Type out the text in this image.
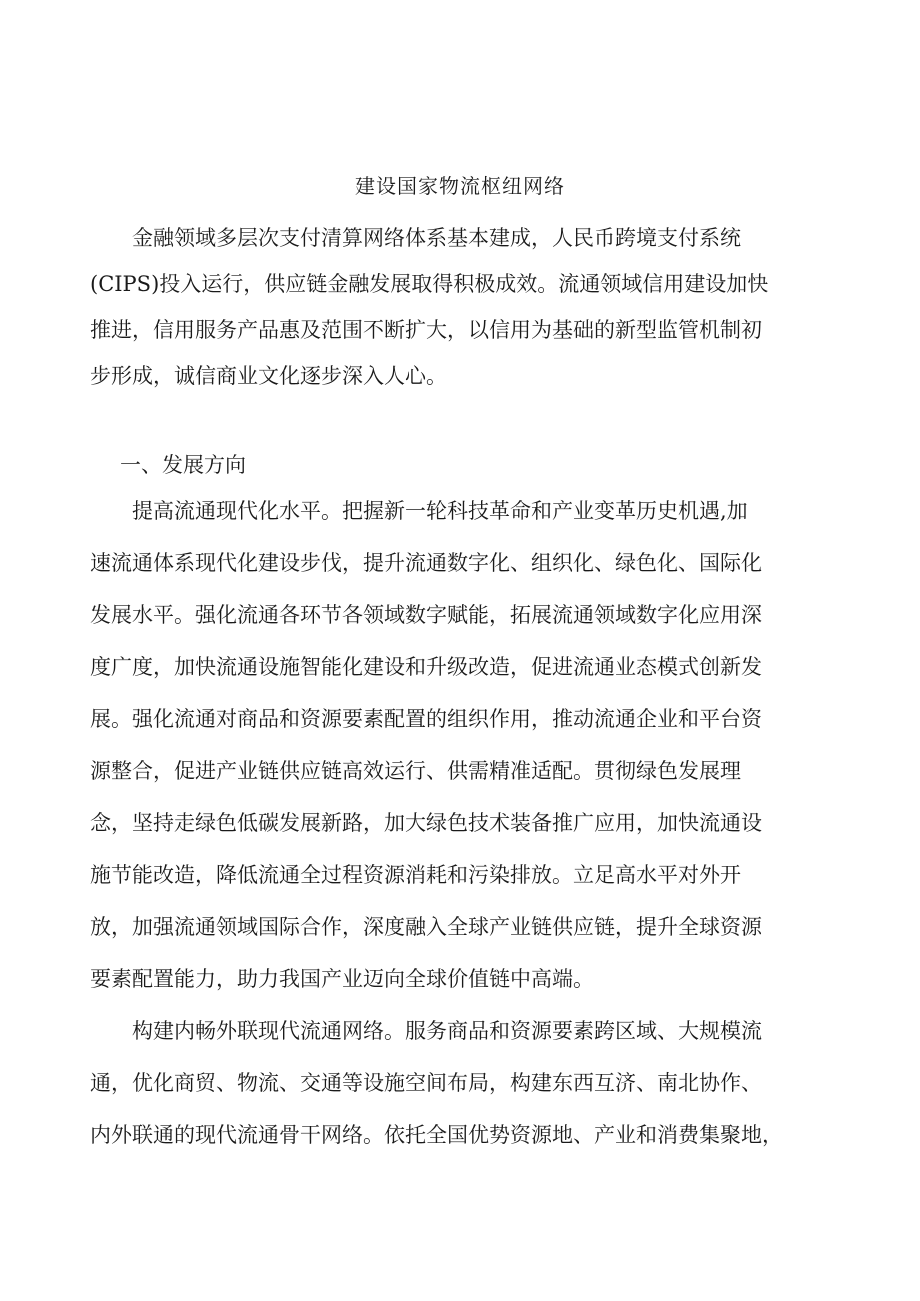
建设国家物流枢纽网络
　　金融领域多层次支付清算网络体系基本建成，人民币跨境支付系统
(CIPS)投入运行，供应链金融发展取得积极成效。流通领域信用建设加快
推进，信用服务产品惠及范围不断扩大，以信用为基础的新型监管机制初
步形成，诚信商业文化逐步深入人心。
一、发展方向
　　提高流通现代化水平。把握新一轮科技革命和产业变革历史机遇,加
速流通体系现代化建设步伐，提升流通数字化、组织化、绿色化、国际化
发展水平。强化流通各环节各领域数字赋能，拓展流通领域数字化应用深
度广度，加快流通设施智能化建设和升级改造，促进流通业态模式创新发
展。强化流通对商品和资源要素配置的组织作用，推动流通企业和平台资
源整合，促进产业链供应链高效运行、供需精准适配。贯彻绿色发展理
念，坚持走绿色低碳发展新路，加大绿色技术装备推广应用，加快流通设
施节能改造，降低流通全过程资源消耗和污染排放。立足高水平对外开
放，加强流通领域国际合作，深度融入全球产业链供应链，提升全球资源
要素配置能力，助力我国产业迈向全球价值链中高端。
　　构建内畅外联现代流通网络。服务商品和资源要素跨区域、大规模流
通，优化商贸、物流、交通等设施空间布局，构建东西互济、南北协作、
内外联通的现代流通骨干网络。依托全国优势资源地、产业和消费集聚地，
